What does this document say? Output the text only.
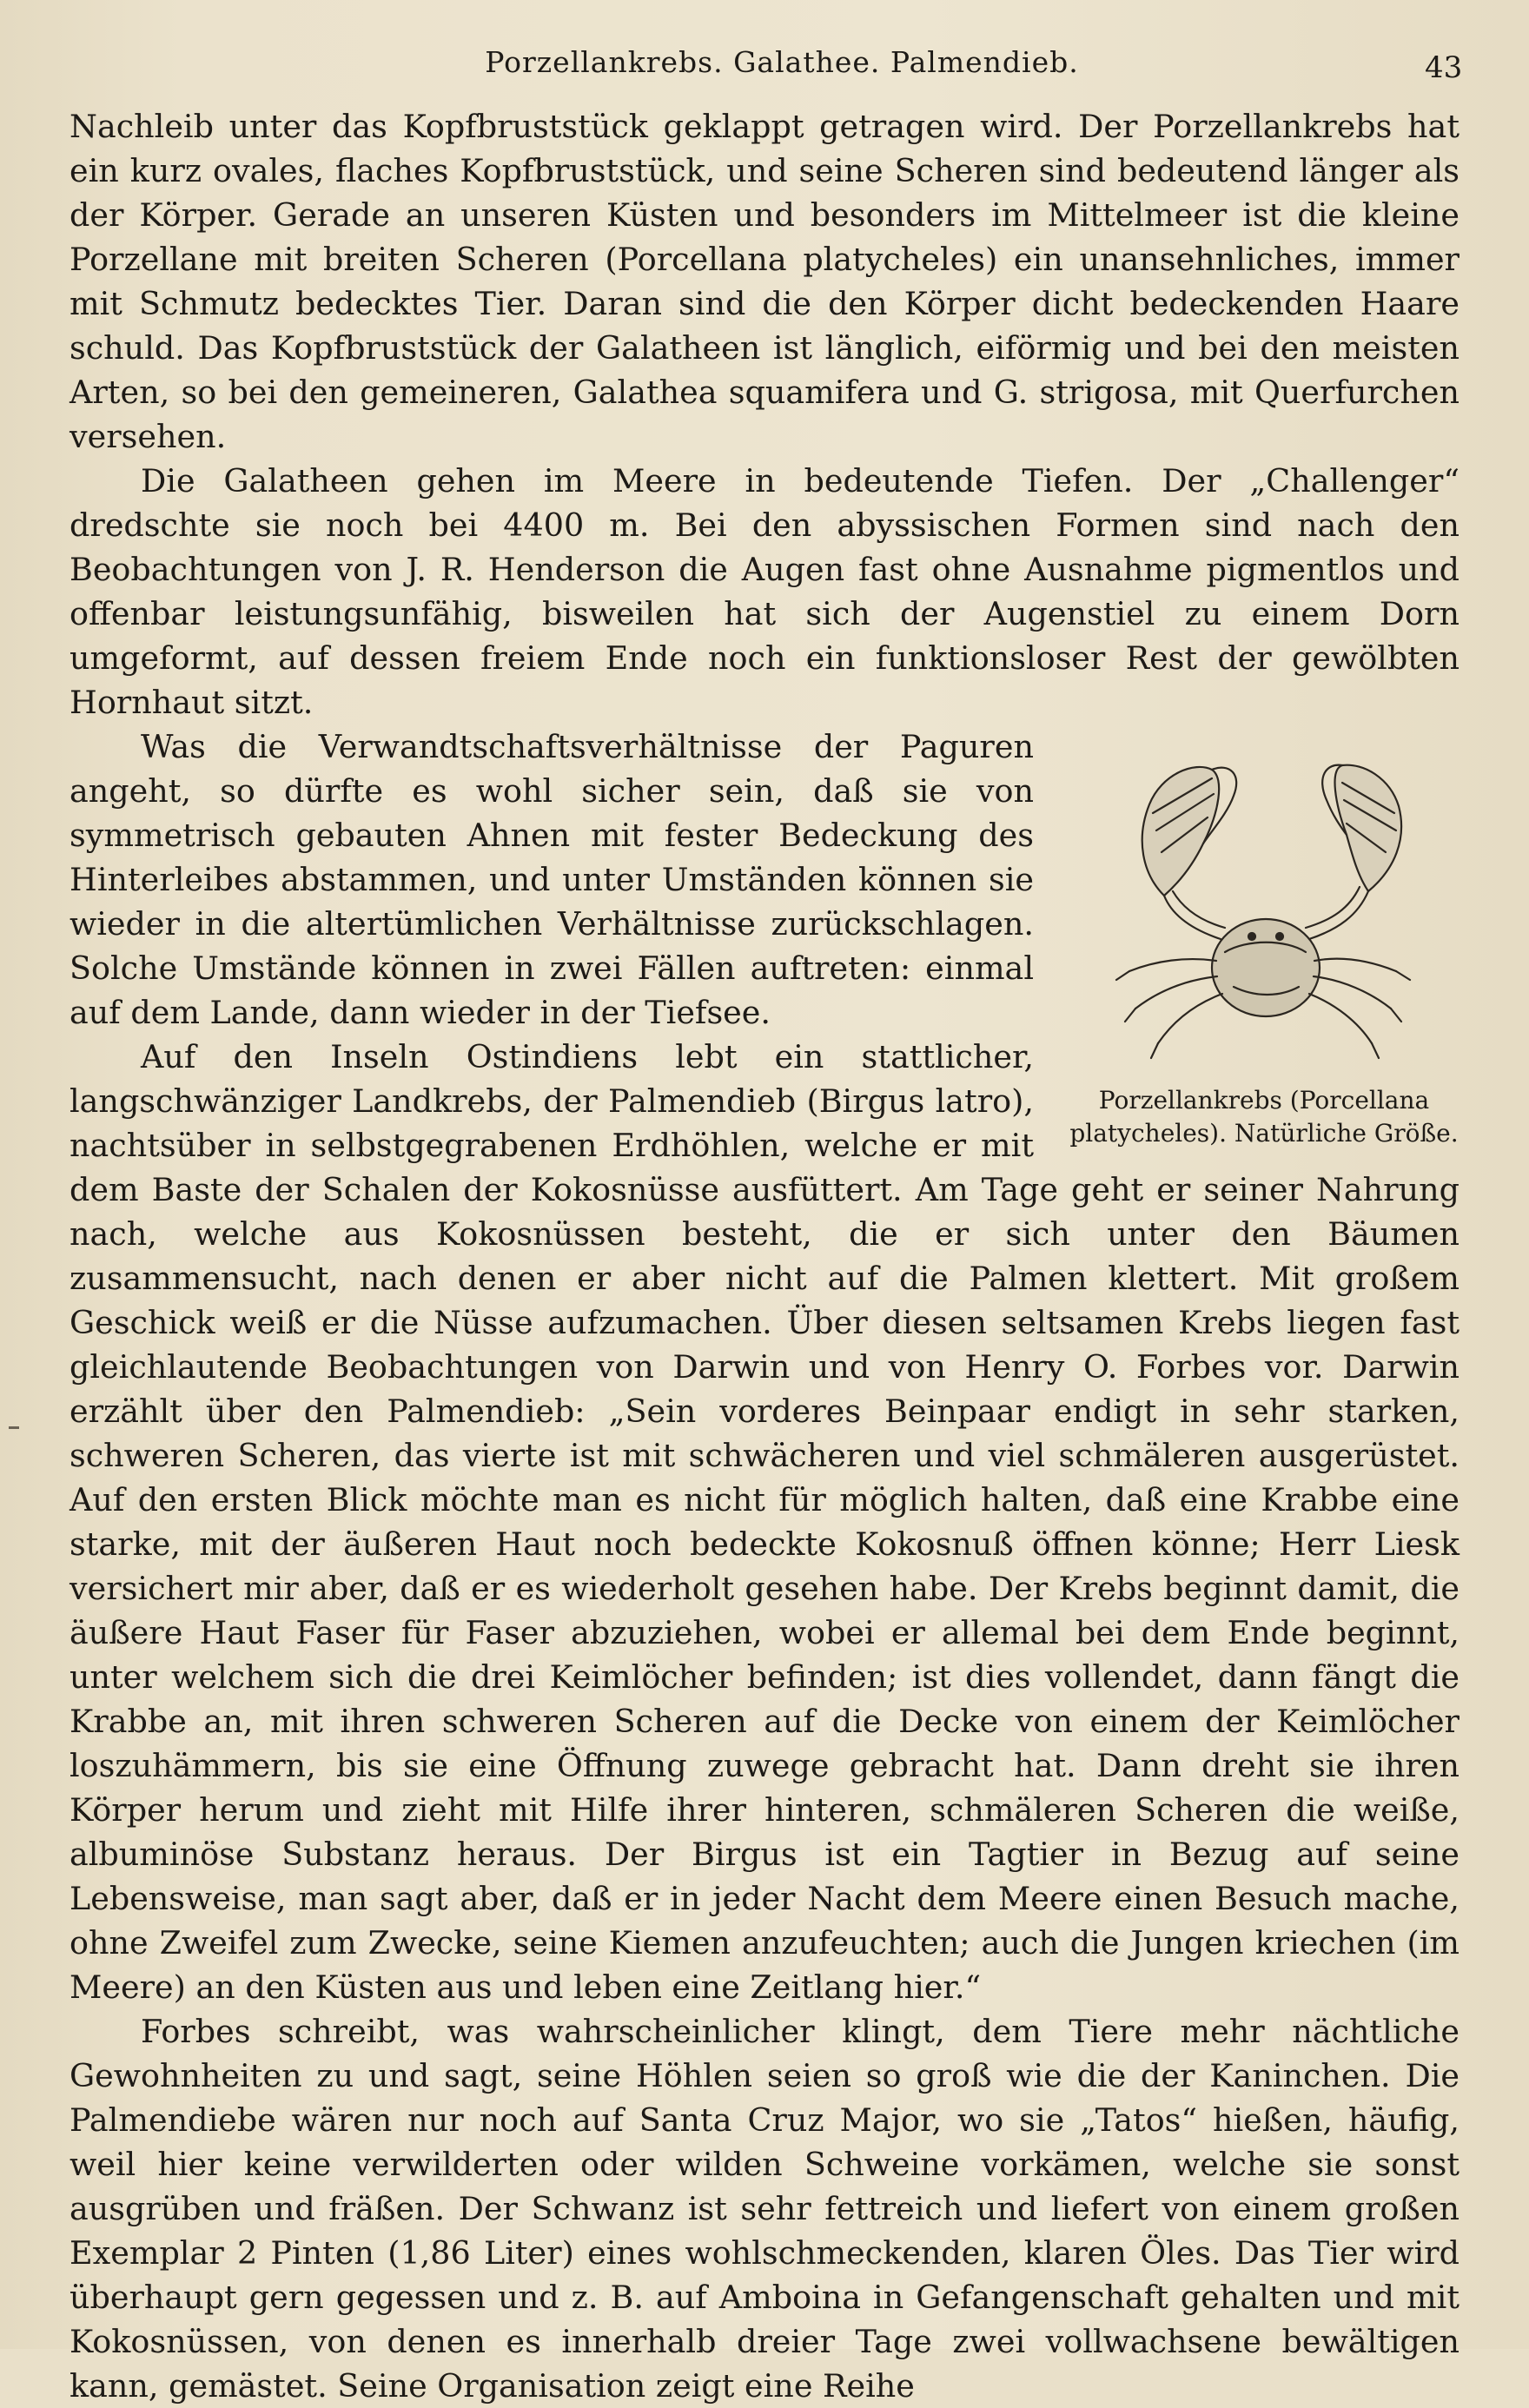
Porzellankrebs. Galathee. Palmendieb.	43

Nachleib unter das Kopfbruststück geklappt getragen wird. Der Porzellankrebs hat ein kurz ovales, flaches Kopfbruststück, und seine Scheren sind bedeutend länger als der Körper. Gerade an unseren Küsten und besonders im Mittelmeer ist die kleine Porzellane mit breiten Scheren (Porcellana platycheles) ein unansehnliches, immer mit Schmutz bedecktes Tier. Daran sind die den Körper dicht bedeckenden Haare schuld. Das Kopfbruststück der Galatheen ist länglich, eiförmig und bei den meisten Arten, so bei den gemeineren, Galathea squamifera und G. strigosa, mit Querfurchen versehen.

Die Galatheen gehen im Meere in bedeutende Tiefen. Der „Challenger“ dredschte sie noch bei 4400 m. Bei den abyssischen Formen sind nach den Beobachtungen von J. R. Henderson die Augen fast ohne Ausnahme pigmentlos und offenbar leistungsunfähig, bisweilen hat sich der Augenstiel zu einem Dorn umgeformt, auf dessen freiem Ende noch ein funktionsloser Rest der gewölbten Hornhaut sitzt.

Porzellankrebs (Porcellana platycheles). Natürliche Größe.

Was die Verwandtschaftsverhältnisse der Paguren angeht, so dürfte es wohl sicher sein, daß sie von symmetrisch gebauten Ahnen mit fester Bedeckung des Hinterleibes abstammen, und unter Umständen können sie wieder in die altertümlichen Verhältnisse zurückschlagen. Solche Umstände können in zwei Fällen auftreten: einmal auf dem Lande, dann wieder in der Tiefsee.

Auf den Inseln Ostindiens lebt ein stattlicher, langschwänziger Landkrebs, der Palmendieb (Birgus latro), nachtsüber in selbstgegrabenen Erdhöhlen, welche er mit dem Baste der Schalen der Kokosnüsse ausfüttert. Am Tage geht er seiner Nahrung nach, welche aus Kokosnüssen besteht, die er sich unter den Bäumen zusammensucht, nach denen er aber nicht auf die Palmen klettert. Mit großem Geschick weiß er die Nüsse aufzumachen. Über diesen seltsamen Krebs liegen fast gleichlautende Beobachtungen von Darwin und von Henry O. Forbes vor. Darwin erzählt über den Palmendieb: „Sein vorderes Beinpaar endigt in sehr starken, schweren Scheren, das vierte ist mit schwächeren und viel schmäleren ausgerüstet. Auf den ersten Blick möchte man es nicht für möglich halten, daß eine Krabbe eine starke, mit der äußeren Haut noch bedeckte Kokosnuß öffnen könne; Herr Liesk versichert mir aber, daß er es wiederholt gesehen habe. Der Krebs beginnt damit, die äußere Haut Faser für Faser abzuziehen, wobei er allemal bei dem Ende beginnt, unter welchem sich die drei Keimlöcher befinden; ist dies vollendet, dann fängt die Krabbe an, mit ihren schweren Scheren auf die Decke von einem der Keimlöcher loszuhämmern, bis sie eine Öffnung zuwege gebracht hat. Dann dreht sie ihren Körper herum und zieht mit Hilfe ihrer hinteren, schmäleren Scheren die weiße, albuminöse Substanz heraus. Der Birgus ist ein Tagtier in Bezug auf seine Lebensweise, man sagt aber, daß er in jeder Nacht dem Meere einen Besuch mache, ohne Zweifel zum Zwecke, seine Kiemen anzufeuchten; auch die Jungen kriechen (im Meere) an den Küsten aus und leben eine Zeitlang hier.“

Forbes schreibt, was wahrscheinlicher klingt, dem Tiere mehr nächtliche Gewohnheiten zu und sagt, seine Höhlen seien so groß wie die der Kaninchen. Die Palmendiebe wären nur noch auf Santa Cruz Major, wo sie „Tatos“ hießen, häufig, weil hier keine verwilderten oder wilden Schweine vorkämen, welche sie sonst ausgrüben und fräßen. Der Schwanz ist sehr fettreich und liefert von einem großen Exemplar 2 Pinten (1,86 Liter) eines wohlschmeckenden, klaren Öles. Das Tier wird überhaupt gern gegessen und z. B. auf Amboina in Gefangenschaft gehalten und mit Kokosnüssen, von denen es innerhalb dreier Tage zwei vollwachsene bewältigen kann, gemästet. Seine Organisation zeigt eine Reihe
